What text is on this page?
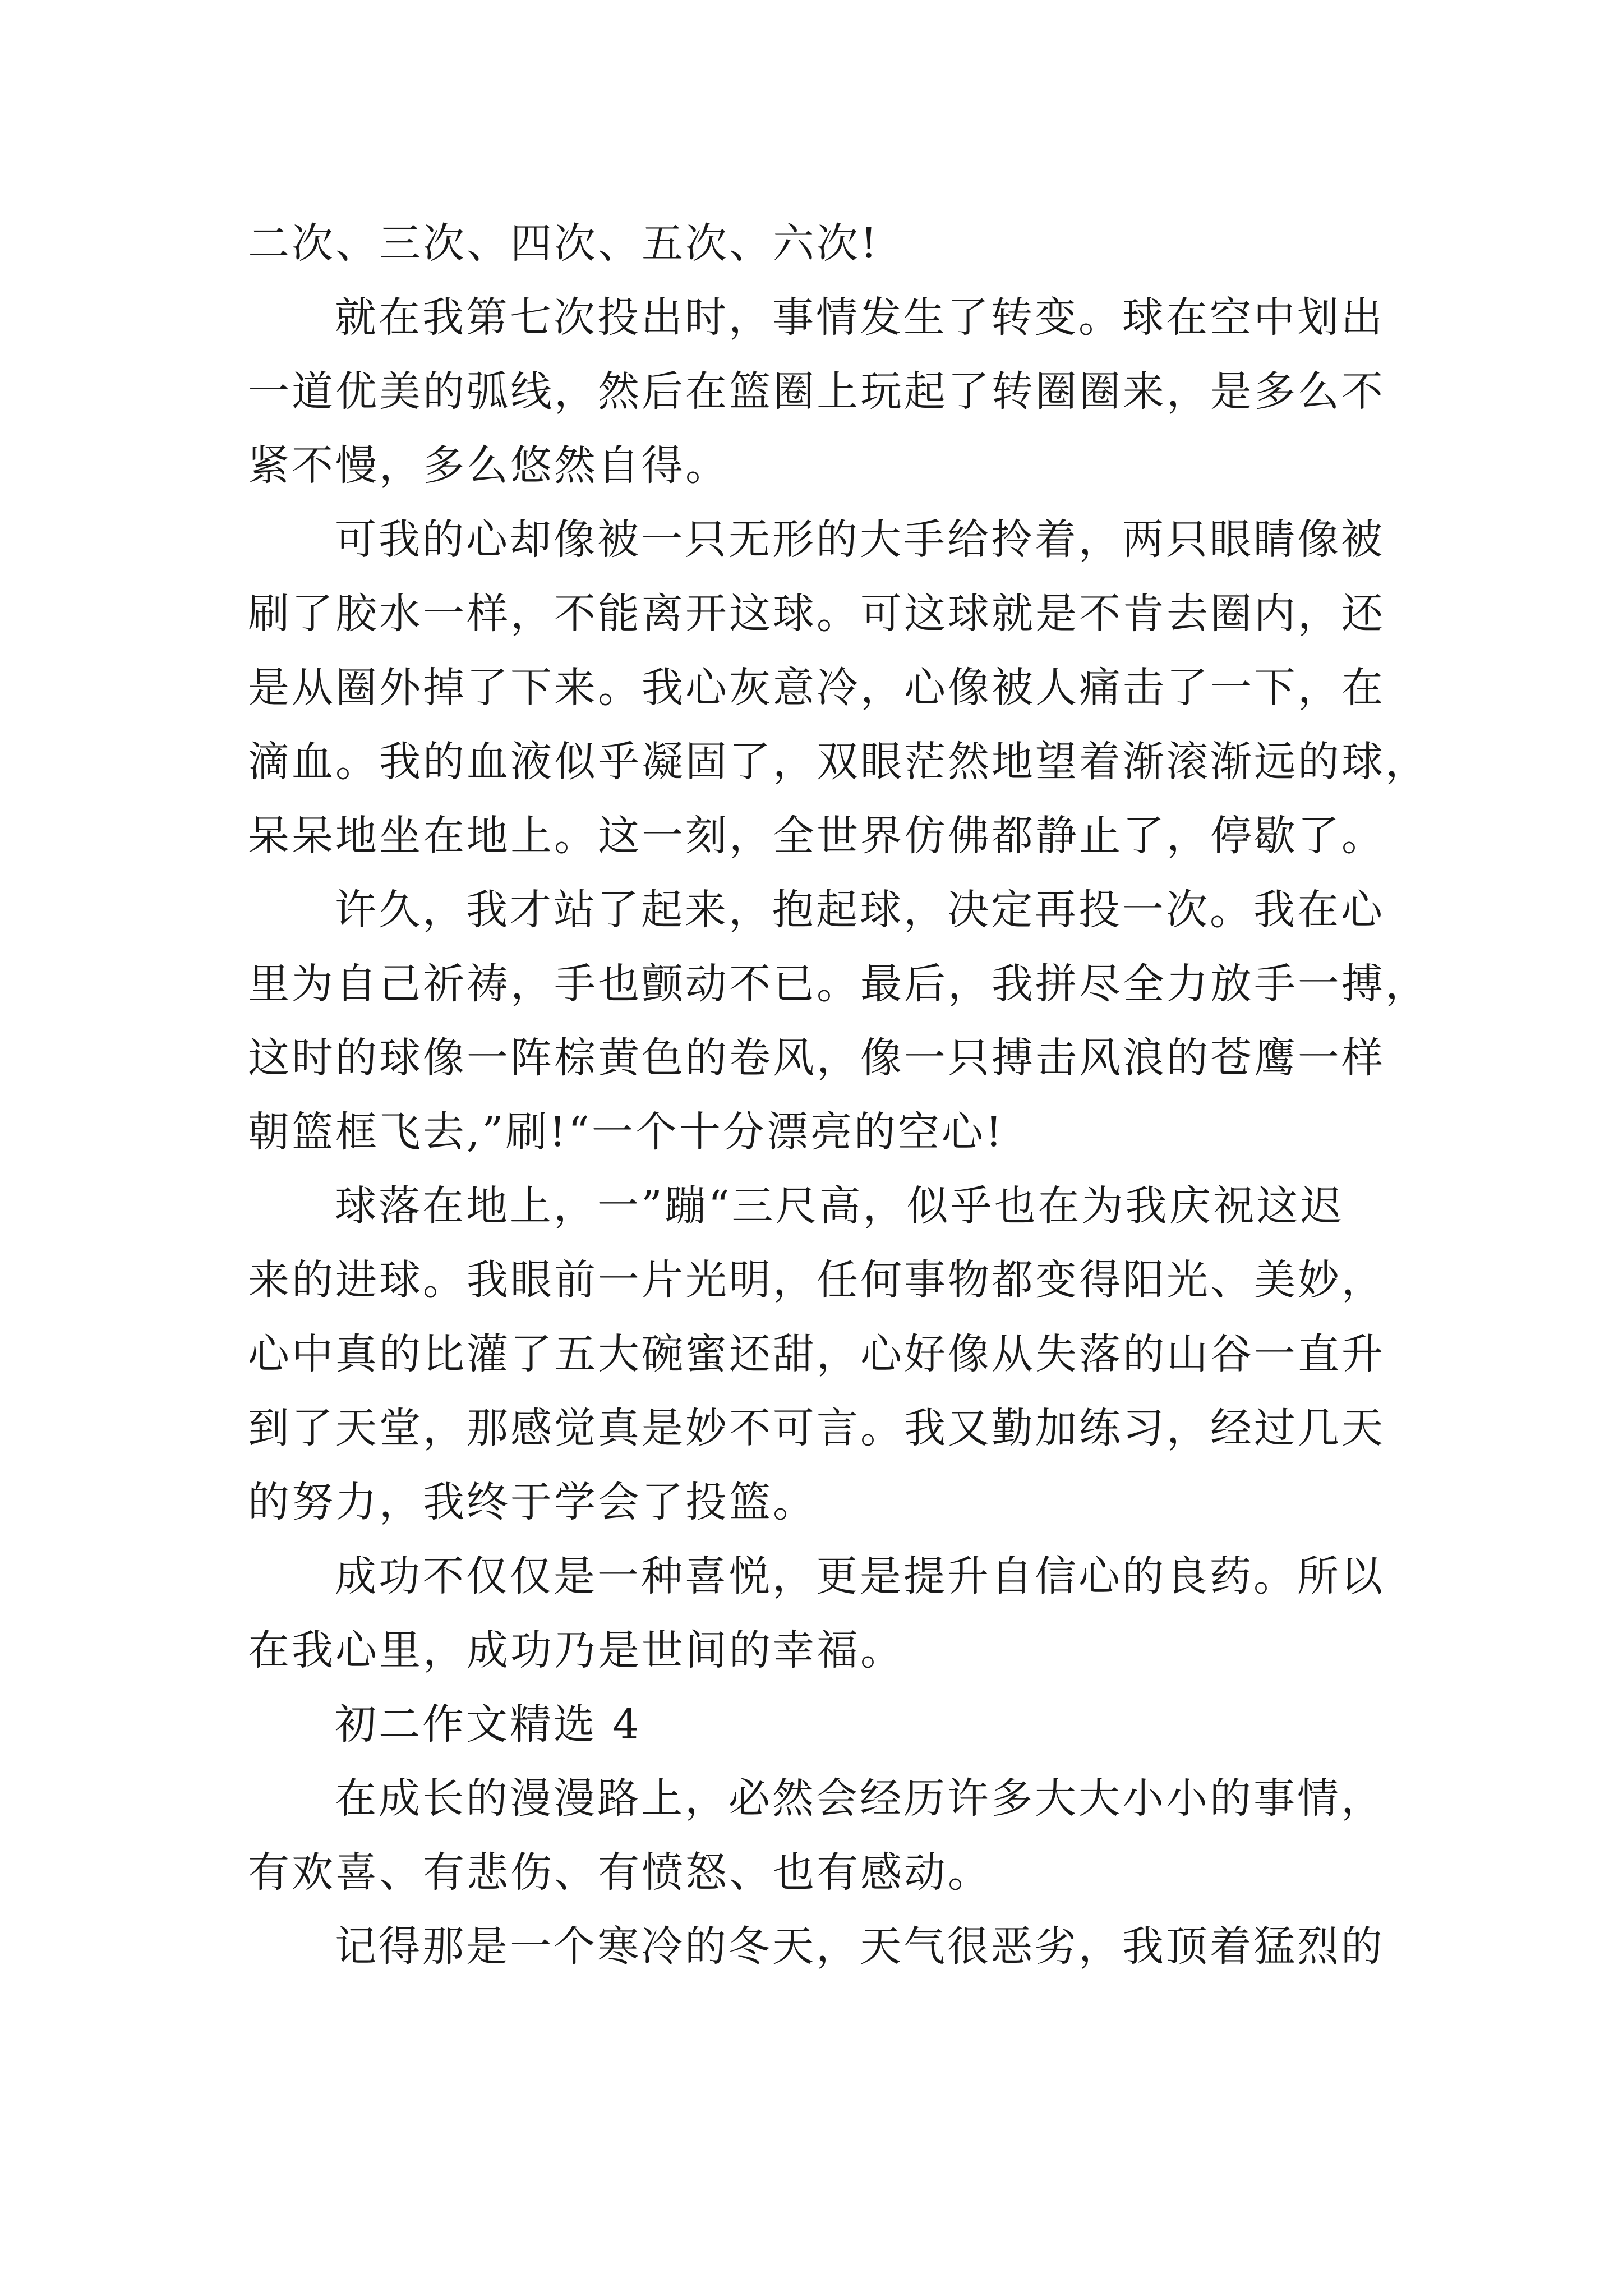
二次、三次、四次、五次、六次!
就在我第七次投出时，事情发生了转变。球在空中划出
一道优美的弧线，然后在篮圈上玩起了转圈圈来，是多么不
紧不慢，多么悠然自得。
可我的心却像被一只无形的大手给拎着，两只眼睛像被
刷了胶水一样，不能离开这球。可这球就是不肯去圈内，还
是从圈外掉了下来。我心灰意冷，心像被人痛击了一下，在
滴血。我的血液似乎凝固了，双眼茫然地望着渐滚渐远的球，
呆呆地坐在地上。这一刻，全世界仿佛都静止了，停歇了。
许久，我才站了起来，抱起球，决定再投一次。我在心
里为自己祈祷，手也颤动不已。最后，我拼尽全力放手一搏，
这时的球像一阵棕黄色的卷风，像一只搏击风浪的苍鹰一样
朝篮框飞去,”刷!“一个十分漂亮的空心!
球落在地上，一”蹦“三尺高，似乎也在为我庆祝这迟
来的进球。我眼前一片光明，任何事物都变得阳光、美妙，
心中真的比灌了五大碗蜜还甜，心好像从失落的山谷一直升
到了天堂，那感觉真是妙不可言。我又勤加练习，经过几天
的努力，我终于学会了投篮。
成功不仅仅是一种喜悦，更是提升自信心的良药。所以
在我心里，成功乃是世间的幸福。
初二作文精选 4
在成长的漫漫路上，必然会经历许多大大小小的事情，
有欢喜、有悲伤、有愤怒、也有感动。
记得那是一个寒冷的冬天，天气很恶劣，我顶着猛烈的
